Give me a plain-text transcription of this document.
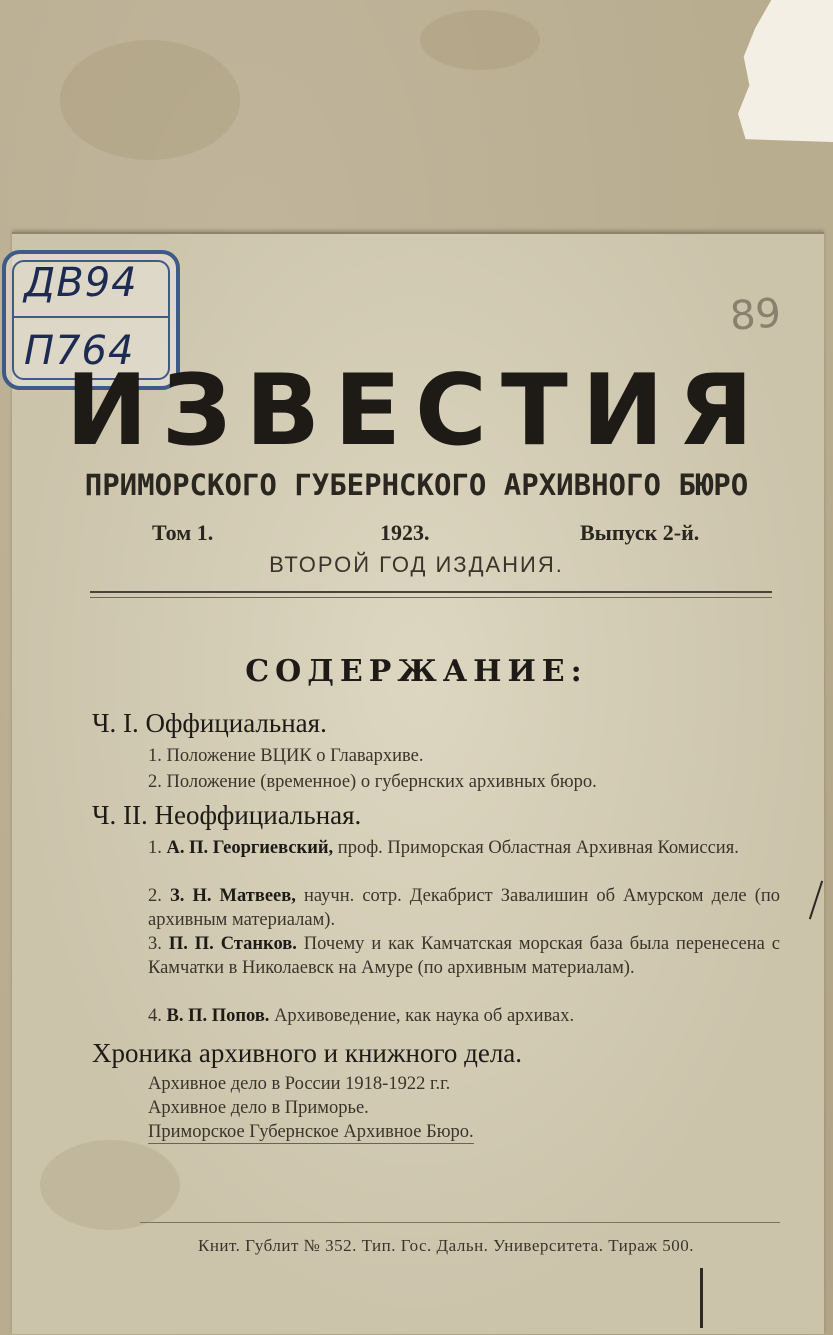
ДВ94
П764
89
ИЗВЕСТИЯ
ПРИМОРСКОГО ГУБЕРНСКОГО АРХИВНОГО БЮРО
Том 1.	1923.	Выпуск 2-й.
ВТОРОЙ ГОД ИЗДАНИЯ.
СОДЕРЖАНИЕ:
Ч. I. Оффициальная.
1. Положение ВЦИК о Главархиве.
2. Положение (временное) о губернских архивных бюро.
Ч. II. Неоффициальная.
1. А. П. Георгиевский, проф. Приморская Областная Архивная Комиссия.
2. З. Н. Матвеев, научн. сотр. Декабрист Завалишин об Амурском деле (по архивным материалам).
3. П. П. Станков. Почему и как Камчатская морская база была перенесена с Камчатки в Николаевск на Амуре (по архивным материалам).
4. В. П. Попов. Архивоведение, как наука об архивах.
Хроника архивного и книжного дела.
Архивное дело в России 1918-1922 г.г.
Архивное дело в Приморье.
Приморское Губернское Архивное Бюро.
Книт. Гублит № 352. Тип. Гос. Дальн. Университета. Тираж 500.
